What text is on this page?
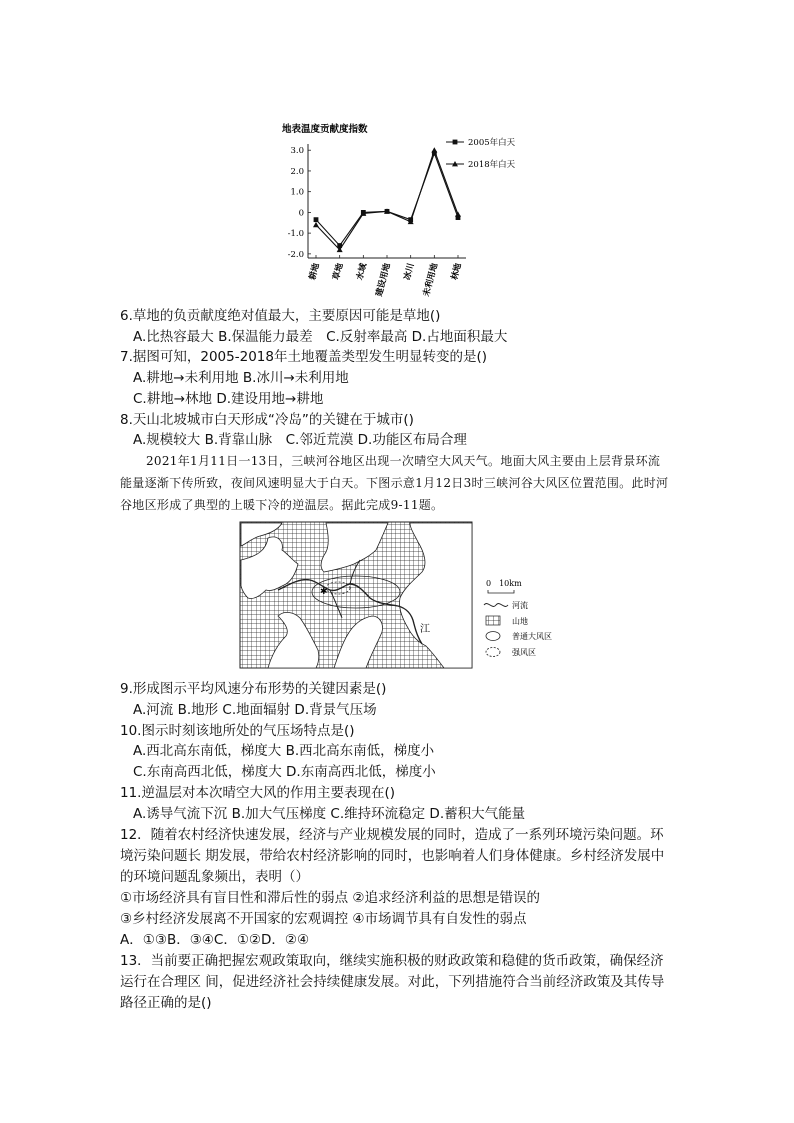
地表温度贡献度指数
3.0
2.0
1.0
0
-1.0
-2.0
耕地 草地 水域 建设用地 冰川 未利用地 林地
2005年白天
2018年白天
6.草地的负贡献度绝对值最大，主要原因可能是草地()
A.比热容最大 B.保温能力最差　C.反射率最高 D.占地面积最大
7.据图可知，2005-2018年土地覆盖类型发生明显转变的是()
A.耕地→未利用地 B.冰川→未利用地
C.耕地→林地 D.建设用地→耕地
8.天山北坡城市白天形成“冷岛”的关键在于城市()
A.规模较大 B.背靠山脉　C.邻近荒漠 D.功能区布局合理
2021年1月11日一13日，三峡河谷地区出现一次晴空大风天气。地面大风主要由上层背景环流能量逐渐下传所致，夜间风速明显大于白天。下图示意1月12日3时三峡河谷大风区位置范围。此时河谷地区形成了典型的上暖下冷的逆温层。据此完成9-11题。
✱
江
0　10km
河流
山地
普通大风区
强风区
9.形成图示平均风速分布形势的关键因素是()
A.河流 B.地形 C.地面辐射 D.背景气压场
10.图示时刻该地所处的气压场特点是()
A.西北高东南低，梯度大 B.西北高东南低，梯度小
C.东南高西北低，梯度大 D.东南高西北低，梯度小
11.逆温层对本次晴空大风的作用主要表现在()
A.诱导气流下沉 B.加大气压梯度 C.维持环流稳定 D.蓄积大气能量
12．随着农村经济快速发展，经济与产业规模发展的同时，造成了一系列环境污染问题。环境污染问题长 期发展，带给农村经济影响的同时，也影响着人们身体健康。乡村经济发展中的环境问题乱象频出，表明（）
①市场经济具有盲目性和滞后性的弱点 ②追求经济利益的思想是错误的
③乡村经济发展离不开国家的宏观调控 ④市场调节具有自发性的弱点
A．①③B．③④C．①②D．②④
13．当前要正确把握宏观政策取向，继续实施积极的财政政策和稳健的货币政策，确保经济运行在合理区 间，促进经济社会持续健康发展。对此，下列措施符合当前经济政策及其传导路径正确的是()
